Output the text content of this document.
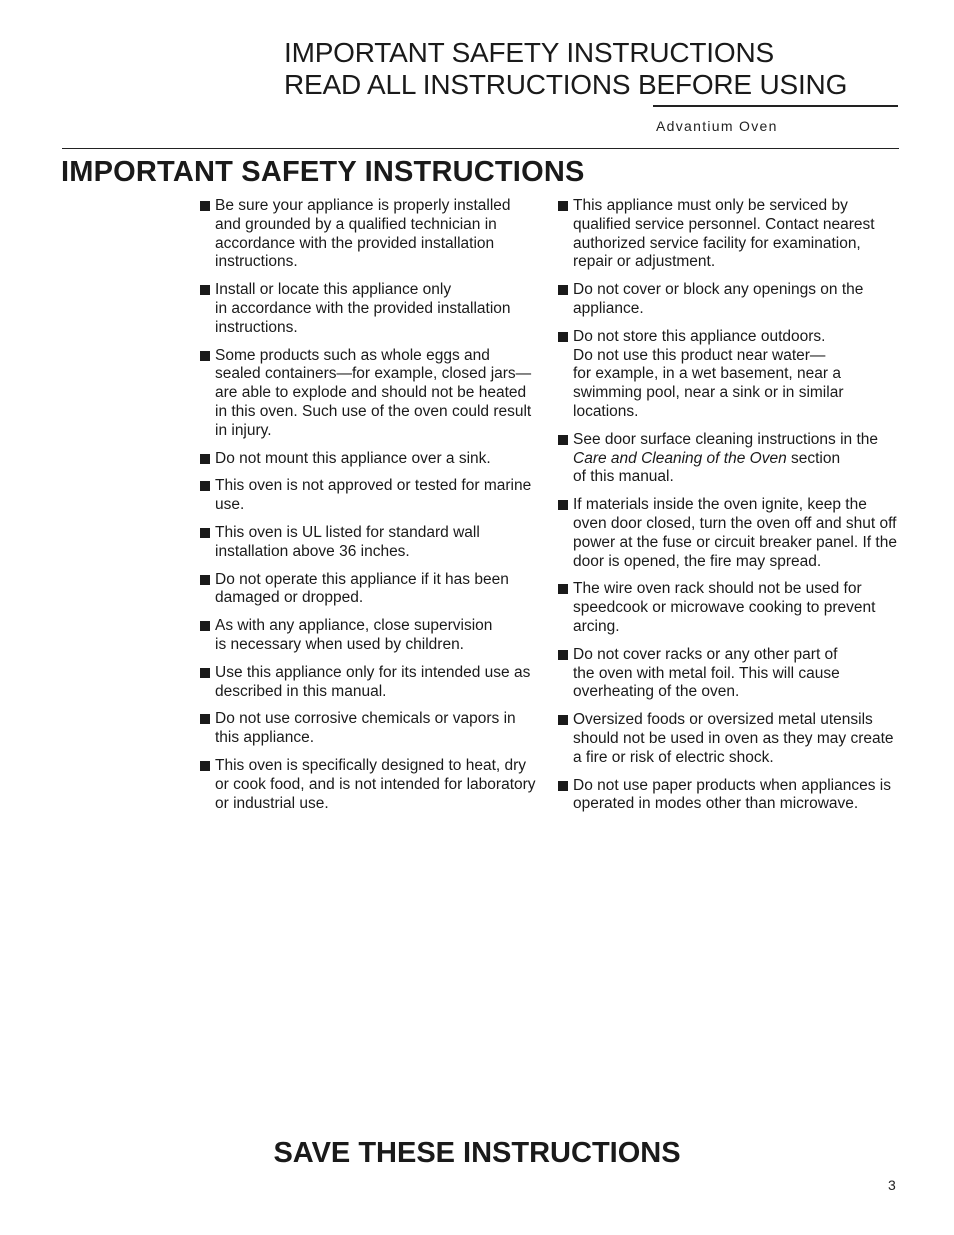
IMPORTANT SAFETY INSTRUCTIONS
READ ALL INSTRUCTIONS BEFORE USING
Advantium Oven
IMPORTANT SAFETY INSTRUCTIONS
Be sure your appliance is properly installed and grounded by a qualified technician in accordance with the provided installation instructions.
Install or locate this appliance only
in accordance with the provided installation instructions.
Some products such as whole eggs and sealed containers—for example, closed jars—are able to explode and should not be heated in this oven. Such use of the oven could result in injury.
Do not mount this appliance over a sink.
This oven is not approved or tested for marine use.
This oven is UL listed for standard wall installation above 36 inches.
Do not operate this appliance if it has been damaged or dropped.
As with any appliance, close supervision
is necessary when used by children.
Use this appliance only for its intended use as described in this manual.
Do not use corrosive chemicals or vapors in this appliance.
This oven is specifically designed to heat, dry or cook food, and is not intended for laboratory or industrial use.
This appliance must only be serviced by qualified service personnel. Contact nearest authorized service facility for examination, repair or adjustment.
Do not cover or block any openings on the appliance.
Do not store this appliance outdoors.
Do not use this product near water—
for example, in a wet basement, near a swimming pool, near a sink or in similar locations.
See door surface cleaning instructions in the Care and Cleaning of the Oven section
of this manual.
If materials inside the oven ignite, keep the oven door closed, turn the oven off and shut off power at the fuse or circuit breaker panel. If the door is opened, the fire may spread.
The wire oven rack should not be used for speedcook or microwave cooking to prevent arcing.
Do not cover racks or any other part of
the oven with metal foil. This will cause overheating of the oven.
Oversized foods or oversized metal utensils should not be used in oven as they may create a fire or risk of electric shock.
Do not use paper products when appliances is operated in modes other than microwave.
SAVE THESE INSTRUCTIONS
3
